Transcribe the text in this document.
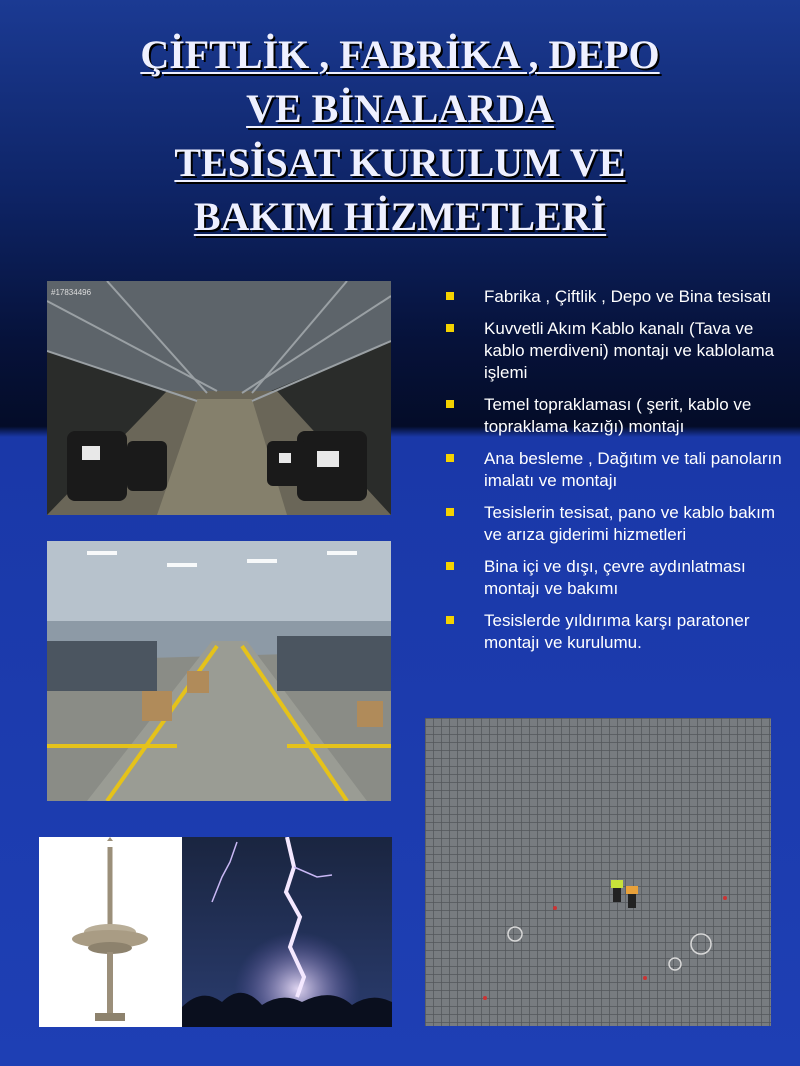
ÇİFTLİK , FABRİKA , DEPO
VE BİNALARDA
TESİSAT KURULUM VE
BAKIM HİZMETLERİ
#17834496	Fabrika , Çiftlik , Depo ve Bina tesisatı
Kuvvetli Akım Kablo kanalı (Tava ve kablo merdiveni) montajı ve kablolama işlemi
Temel topraklaması ( şerit, kablo ve topraklama kazığı) montajı
Ana besleme , Dağıtım ve tali panoların imalatı ve montajı
Tesislerin tesisat, pano ve kablo bakım ve arıza giderimi hizmetleri
Bina içi ve dışı, çevre aydınlatması montajı ve bakımı
Tesislerde yıldırıma karşı paratoner montajı ve kurulumu.
